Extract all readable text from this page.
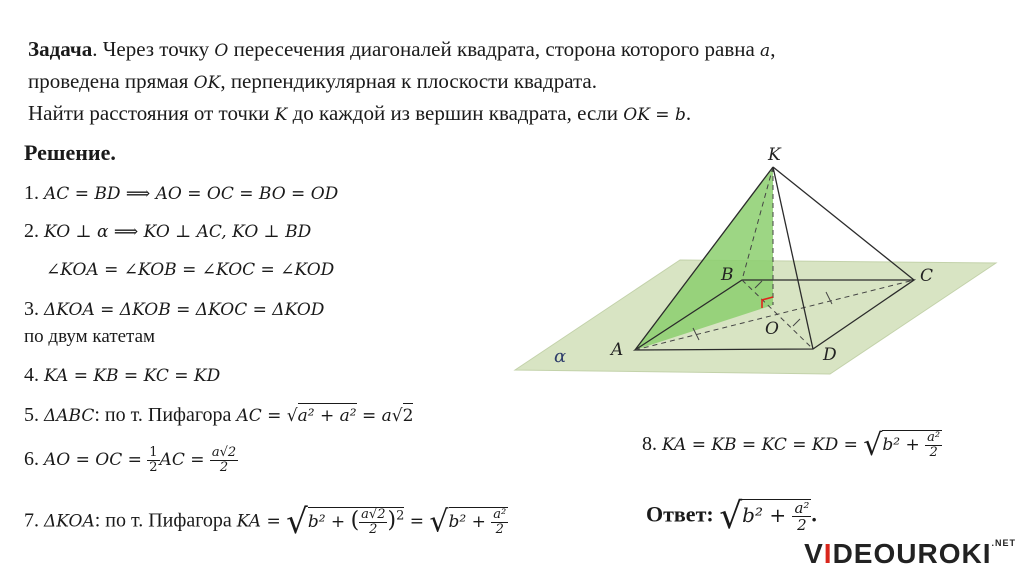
Задача. Через точку O пересечения диагоналей квадрата, сторона которого равна a,
проведена прямая OK, перпендикулярная к плоскости квадрата.
Найти расстояния от точки K до каждой из вершин квадрата, если OK = b.
Решение.
1. AC = BD ⟹ AO = OC = BO = OD
2. KO ⊥ α ⟹ KO ⊥ AC, KO ⊥ BD
∠KOA = ∠KOB = ∠KOC = ∠KOD
3. ΔKOA = ΔKOB = ΔKOC = ΔKOD
по двум катетам
4. KA = KB = KC = KD
5. ΔABC: по т. Пифагора AC = √a² + a² = a√2
6. AO = OC = $\frac{1}{2}$ AC = $\frac{a√2}{2}$
7. ΔKOA: по т. Пифагора KA = √b² + ( $\frac{a√2}{2} )^2 = √b^2 + \frac{\text{a²}}{2}$
8. KA = KB = KC = KD = $√b^2 + \frac{\text{a²}}{2}$
Ответ: $√b^2 + \frac{\text{a²}}{2}$ .
K
A
B	C
D
O
α
$VIDEOUROKI^{.NET}$
